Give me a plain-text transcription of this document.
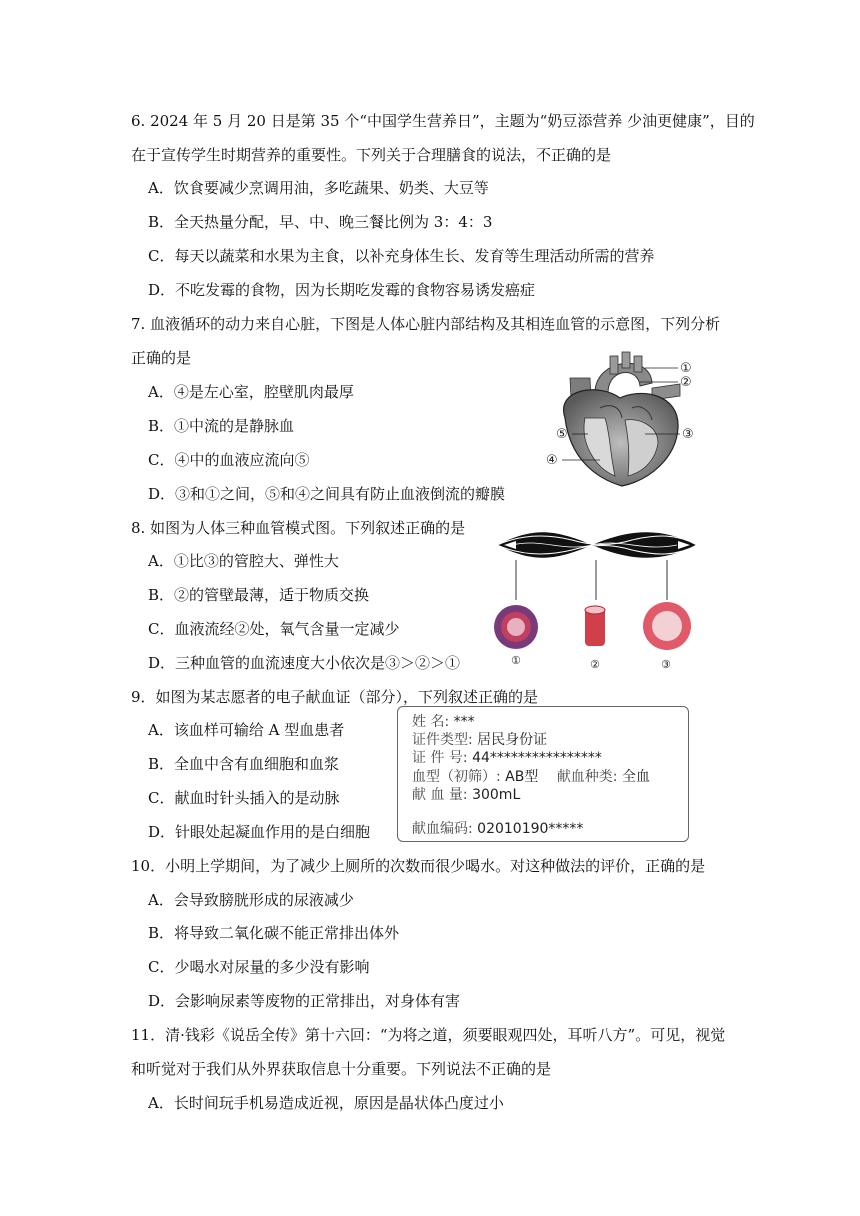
6. 2024 年 5 月 20 日是第 35 个“中国学生营养日”，主题为“奶豆添营养 少油更健康”，目的
在于宣传学生时期营养的重要性。下列关于合理膳食的说法，不正确的是
A．饮食要减少烹调用油，多吃蔬果、奶类、大豆等
B．全天热量分配，早、中、晚三餐比例为 3：4：3
C．每天以蔬菜和水果为主食，以补充身体生长、发育等生理活动所需的营养
D．不吃发霉的食物，因为长期吃发霉的食物容易诱发癌症
7. 血液循环的动力来自心脏，下图是人体心脏内部结构及其相连血管的示意图，下列分析
正确的是
A．④是左心室，腔壁肌肉最厚
B．①中流的是静脉血
C．④中的血液应流向⑤
D．③和①之间，⑤和④之间具有防止血液倒流的瓣膜
①
②
③
④
⑤
8. 如图为人体三种血管模式图。下列叙述正确的是
A．①比③的管腔大、弹性大
B．②的管壁最薄，适于物质交换
C．血液流经②处，氧气含量一定减少
D．三种血管的血流速度大小依次是③＞②＞①	①	②	③
9．如图为某志愿者的电子献血证（部分），下列叙述正确的是
A．该血样可输给 A 型血患者
B．全血中含有血细胞和血浆
C．献血时针头插入的是动脉
D．针眼处起凝血作用的是白细胞
姓 名: ***
证件类型: 居民身份证
证 件 号: 44****************
血型（初筛）: AB型 献血种类: 全血
献 血 量: 300mL
献血编码: 02010190*****
10．小明上学期间，为了减少上厕所的次数而很少喝水。对这种做法的评价，正确的是
A．会导致膀胱形成的尿液减少
B．将导致二氧化碳不能正常排出体外
C．少喝水对尿量的多少没有影响
D．会影响尿素等废物的正常排出，对身体有害
11．清·钱彩《说岳全传》第十六回：“为将之道，须要眼观四处，耳听八方”。可见，视觉
和听觉对于我们从外界获取信息十分重要。下列说法不正确的是
A．长时间玩手机易造成近视，原因是晶状体凸度过小
